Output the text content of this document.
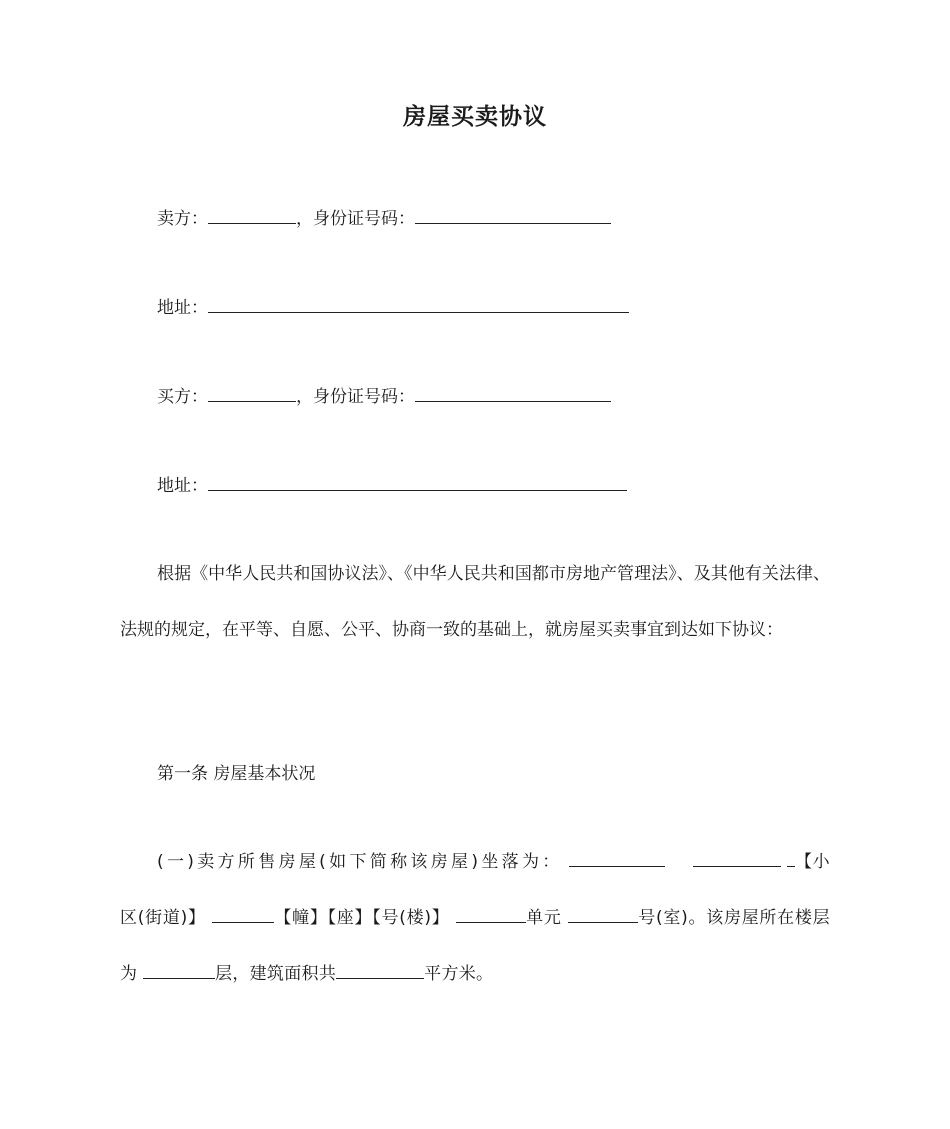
房屋买卖协议
卖方：	，身份证号码：
地址：
买方：	，身份证号码：
地址：
根据《中华人民共和国协议法》、《中华人民共和国都市房地产管理法》、及其他有关法律、法规的规定，在平等、自愿、公平、协商一致的基础上，就房屋买卖事宜到达如下协议：
第一条 房屋基本状况
(一)卖方所售房屋(如下简称该房屋)坐落为：	【小区(街道)】	【幢】【座】【号(楼)】	单元	号(室)。该房屋所在楼层为	层，建筑面积共	平方米。
